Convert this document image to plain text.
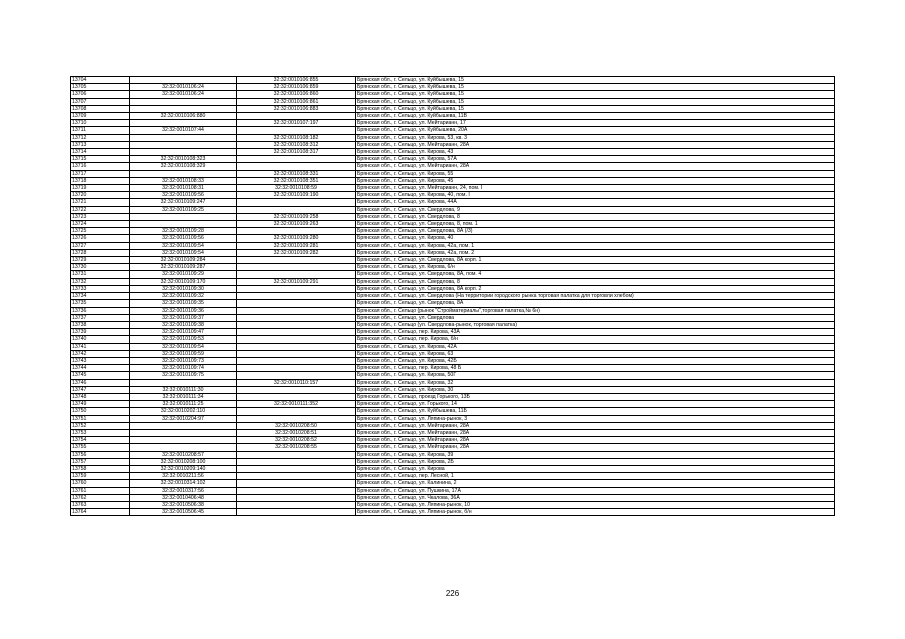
13704		32:32:0010106:855	Брянская обл., г. Сельцо, ул. Куйбышева, 15
13705	32:32:0010106:24	32:32:0010106:859	Брянская обл., г. Сельцо, ул. Куйбышева, 15
13706	32:32:0010106:24	32:32:0010106:860	Брянская обл., г. Сельцо, ул. Куйбышева, 15
13707		32:32:0010106:861	Брянская обл., г. Сельцо, ул. Куйбышева, 15
13708		32:32:0010106:883	Брянская обл., г. Сельцо, ул. Куйбышева, 15
13709	32:32:0010106:880		Брянская обл., г. Сельцо, ул. Куйбышева, 11В
13710		32:32:0010107:197	Брянская обл., г. Сельцо, ул. Мейтарианн, 17
13711	32:32:0010107:44		Брянская обл., г. Сельцо, ул. Куйбышева, 20А
13712		32:32:0010108:182	Брянская обл., г. Сельцо, ул. Кирова, 53, кв. 3
13713		32:32:0010108:312	Брянская обл., г. Сельцо, ул. Мейтарианн, 28А
13714		32:32:0010108:317	Брянская обл., г. Сельцо, ул. Кирова, 43
13715	32:32:0010108:323		Брянская обл., г. Сельцо, ул. Кирова, 57А
13716	32:32:0010108:329		Брянская обл., г. Сельцо, ул. Мейтарианн, 28А
13717		32:32:0010108:331	Брянская обл., г. Сельцо, ул. Кирова, 55
13718	32:32:0010108:33	32:32:0010108:351	Брянская обл., г. Сельцо, ул. Кирова, 45
13719	32:32:0010108:31	32:32:0010108:59	Брянская обл., г. Сельцо, ул. Мейтарианн, 24, пом. I
13720	32:32:0010109:56	32:32:0010109:190	Брянская обл., г. Сельцо, ул. Кирова, 40, пом. I
13721	32:32:0010109:247		Брянская обл., г. Сельцо, ул. Кирова, 44А
13722	32:32:0010109:25		Брянская обл., г. Сельцо, ул. Свердлова, 9
13723		32:32:0010109:258	Брянская обл., г. Сельцо, ул. Свердлова, 8
13724		32:32:0010109:263	Брянская обл., г. Сельцо, ул. Свердлова, 8, пом. 1
13725	32:32:0010109:28		Брянская обл., г. Сельцо, ул. Свердлова, 8А (/3)
13726	32:32:0010109:56	32:32:0010109:280	Брянская обл., г. Сельцо, ул. Кирова, 40
13727	32:32:0010109:54	32:32:0010109:281	Брянская обл., г. Сельцо, ул. Кирова, 42а, пом. 1
13728	32:32:0010109:54	32:32:0010109:282	Брянская обл., г. Сельцо, ул. Кирова, 42а, пом. 2
13729	32:32:0010109:284		Брянская обл., г. Сельцо, ул. Свердлова, 8А корп. 1
13730	32:32:0010109:287		Брянская обл., г. Сельцо, ул. Кирова, 6/н
13731	32:32:0010109:29		Брянская обл., г. Сельцо, ул. Свердлова, 8А, пом. 4
13732	32:32:0010109:170	32:32:0010109:291	Брянская обл., г. Сельцо, ул. Свердлова, 8
13733	32:32:0010109:30		Брянская обл., г. Сельцо, ул. Свердлова, 8А корп. 2
13734	32:32:0010109:32		Брянская обл., г. Сельцо, ул. Свердлова (На территории городского рынка торговая палатка для торговли хлебом)
13735	32:32:0010109:35		Брянская обл., г. Сельцо, ул. Свердлова, 8А
13736	32:32:0010109:36		Брянская обл., г. Сельцо (рынок "Стройматериалы",торговая палатка,№ 6н)
13737	32:32:0010109:37		Брянская обл., г. Сельцо, ул. Свердлова
13738	32:32:0010109:38		Брянская обл., г. Сельцо (ул. Свердлова-рынок, торговая палатка)
13739	32:32:0010109:47		Брянская обл., г. Сельцо, пер. Кирова, 43А
13740	32:32:0010109:53		Брянская обл., г. Сельцо, пер. Кирова, б/н
13741	32:32:0010109:54		Брянская обл., г. Сельцо, ул. Кирова, 42А
13742	32:32:0010109:59		Брянская обл., г. Сельцо, ул. Кирова, 63
13743	32:32:0010109:73		Брянская обл., г. Сельцо, ул. Кирова, 42Б
13744	32:32:0010109:74		Брянская обл., г. Сельцо, пер. Кирова, 48 Б
13745	32:32:0010109:75		Брянская обл., г. Сельцо, ул. Кирова, 50Г
13746		32:32:0010110:157	Брянская обл., г. Сельцо, ул. Кирова, 32
13747	32:32:0010111:30		Брянская обл., г. Сельцо, ул. Кирова, 30
13748	32:32:0010111:34		Брянская обл., г. Сельцо, проезд Горького, 13Б
13749	32:32:0010111:25	32:32:0010111:352	Брянская обл., г. Сельцо, ул. Горького, 14
13750	32:32:0010202:110		Брянская обл., г. Сельцо, ул. Куйбышева, 11Б
13751	32:32:0010204:97		Брянская обл., г. Сельцо, ул. Ляпина-рынок, 3
13752		32:32:0010208:50	Брянская обл., г. Сельцо, ул. Мейтарианн, 28А
13753		32:32:0010208:51	Брянская обл., г. Сельцо, ул. Мейтарианн, 28А
13754		32:32:0010208:52	Брянская обл., г. Сельцо, ул. Мейтарианн, 28А
13755		32:32:0010208:55	Брянская обл., г. Сельцо, ул. Мейтарианн, 28А
13756	32:32:0010208:57		Брянская обл., г. Сельцо, ул. Кирова, 39
13757	32:32:0010208:100		Брянская обл., г. Сельцо, ул. Кирова, 2Б
13758	32:32:0010209:140		Брянская обл., г. Сельцо, ул. Кирова
13759	32:32:0010211:56		Брянская обл., г. Сельцо, пер. Лесной, 1
13760	32:32:0010314:102		Брянская обл., г. Сельцо, ул. Калинина, 2
13761	32:32:0010317:56		Брянская обл., г. Сельцо, ул. Пушкина, 17А
13762	32:32:0010406:48		Брянская обл., г. Сельцо, ул. Чкалова, 36А
13763	32:32:0010506:38		Брянская обл., г. Сельцо, ул. Ляпина-рынок, 10
13764	32:32:0010506:45		Брянская обл., г. Сельцо, ул. Ляпина-рынок, б/н
226
